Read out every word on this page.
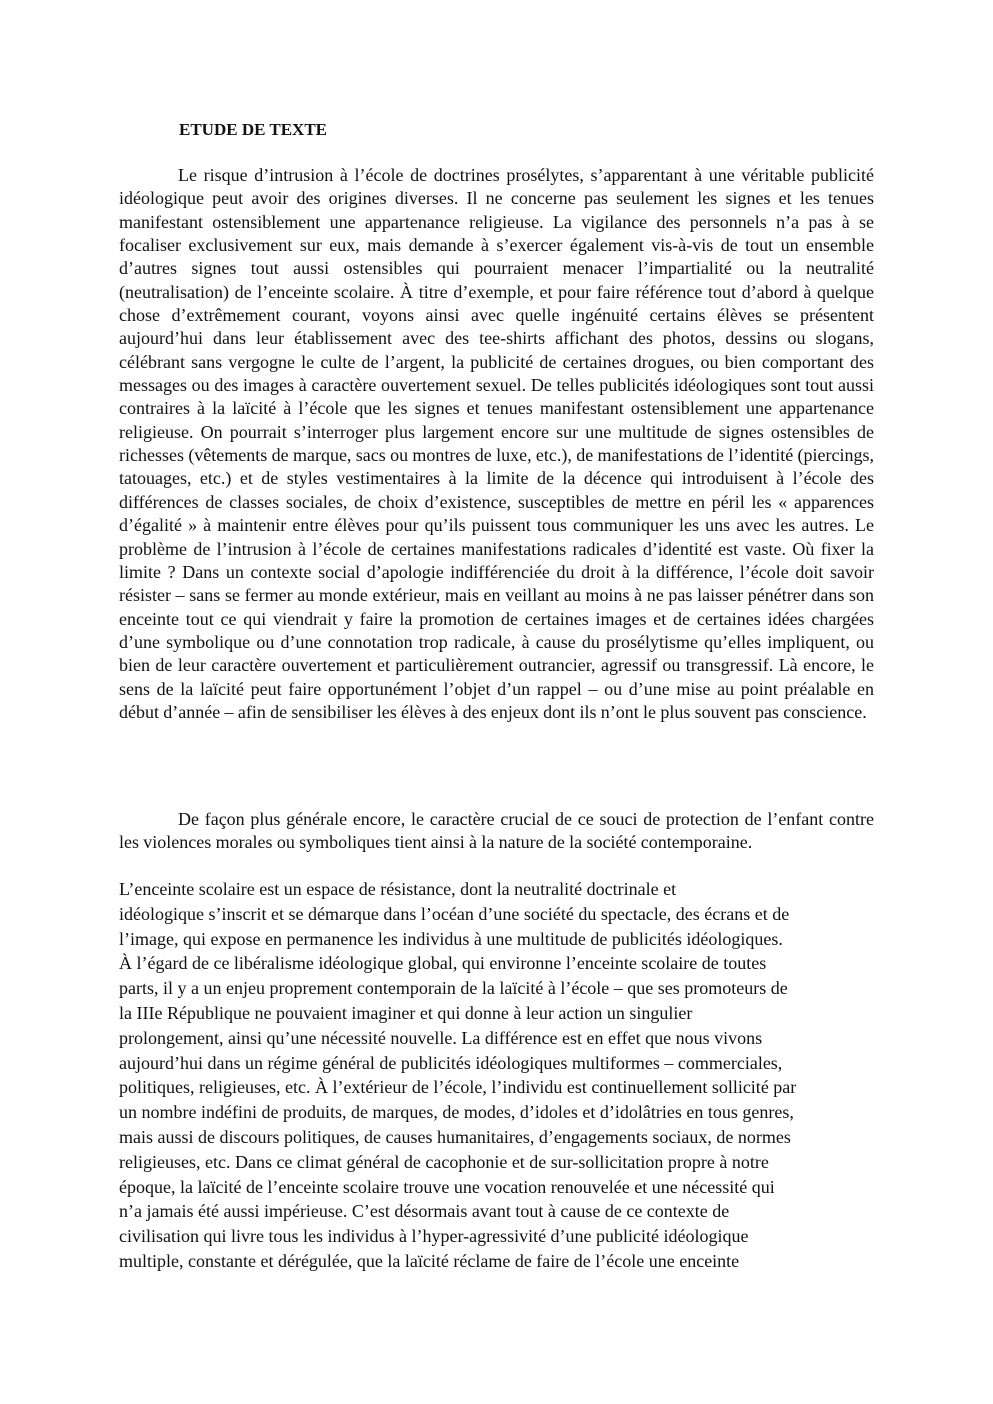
ETUDE DE TEXTE

Le risque d’intrusion à l’école de doctrines prosélytes, s’apparentant à une véritable publicité idéologique peut avoir des origines diverses. Il ne concerne pas seulement les signes et les tenues manifestant ostensiblement une appartenance religieuse. La vigilance des personnels n’a pas à se focaliser exclusivement sur eux, mais demande à s’exercer également vis-à-vis de tout un ensemble d’autres signes tout aussi ostensibles qui pourraient menacer l’impartialité ou la neutralité (neutralisation) de l’enceinte scolaire. À titre d’exemple, et pour faire référence tout d’abord à quelque chose d’extrêmement courant, voyons ainsi avec quelle ingénuité certains élèves se présentent aujourd’hui dans leur établissement avec des tee-shirts affichant des photos, dessins ou slogans, célébrant sans vergogne le culte de l’argent, la publicité de certaines drogues, ou bien comportant des messages ou des images à caractère ouvertement sexuel. De telles publicités idéologiques sont tout aussi contraires à la laïcité à l’école que les signes et tenues manifestant ostensiblement une appartenance religieuse. On pourrait s’interroger plus largement encore sur une multitude de signes ostensibles de richesses (vêtements de marque, sacs ou montres de luxe, etc.), de manifestations de l’identité (piercings, tatouages, etc.) et de styles vestimentaires à la limite de la décence qui introduisent à l’école des différences de classes sociales, de choix d’existence, susceptibles de mettre en péril les « apparences d’égalité » à maintenir entre élèves pour qu’ils puissent tous communiquer les uns avec les autres. Le problème de l’intrusion à l’école de certaines manifestations radicales d’identité est vaste. Où fixer la limite ? Dans un contexte social d’apologie indifférenciée du droit à la différence, l’école doit savoir résister – sans se fermer au monde extérieur, mais en veillant au moins à ne pas laisser pénétrer dans son enceinte tout ce qui viendrait y faire la promotion de certaines images et de certaines idées chargées d’une symbolique ou d’une connotation trop radicale, à cause du prosélytisme qu’elles impliquent, ou bien de leur caractère ouvertement et particulièrement outrancier, agressif ou transgressif. Là encore, le sens de la laïcité peut faire opportunément l’objet d’un rappel – ou d’une mise au point préalable en début d’année – afin de sensibiliser les élèves à des enjeux dont ils n’ont le plus souvent pas conscience.

De façon plus générale encore, le caractère crucial de ce souci de protection de l’enfant contre les violences morales ou symboliques tient ainsi à la nature de la société contemporaine.

L’enceinte scolaire est un espace de résistance, dont la neutralité doctrinale et
idéologique s’inscrit et se démarque dans l’océan d’une société du spectacle, des écrans et de
l’image, qui expose en permanence les individus à une multitude de publicités idéologiques.
À l’égard de ce libéralisme idéologique global, qui environne l’enceinte scolaire de toutes
parts, il y a un enjeu proprement contemporain de la laïcité à l’école – que ses promoteurs de
la IIIe République ne pouvaient imaginer et qui donne à leur action un singulier
prolongement, ainsi qu’une nécessité nouvelle. La différence est en effet que nous vivons
aujourd’hui dans un régime général de publicités idéologiques multiformes – commerciales,
politiques, religieuses, etc. À l’extérieur de l’école, l’individu est continuellement sollicité par
un nombre indéfini de produits, de marques, de modes, d’idoles et d’idolâtries en tous genres,
mais aussi de discours politiques, de causes humanitaires, d’engagements sociaux, de normes
religieuses, etc. Dans ce climat général de cacophonie et de sur-sollicitation propre à notre
époque, la laïcité de l’enceinte scolaire trouve une vocation renouvelée et une nécessité qui
n’a jamais été aussi impérieuse. C’est désormais avant tout à cause de ce contexte de
civilisation qui livre tous les individus à l’hyper-agressivité d’une publicité idéologique
multiple, constante et dérégulée, que la laïcité réclame de faire de l’école une enceinte
